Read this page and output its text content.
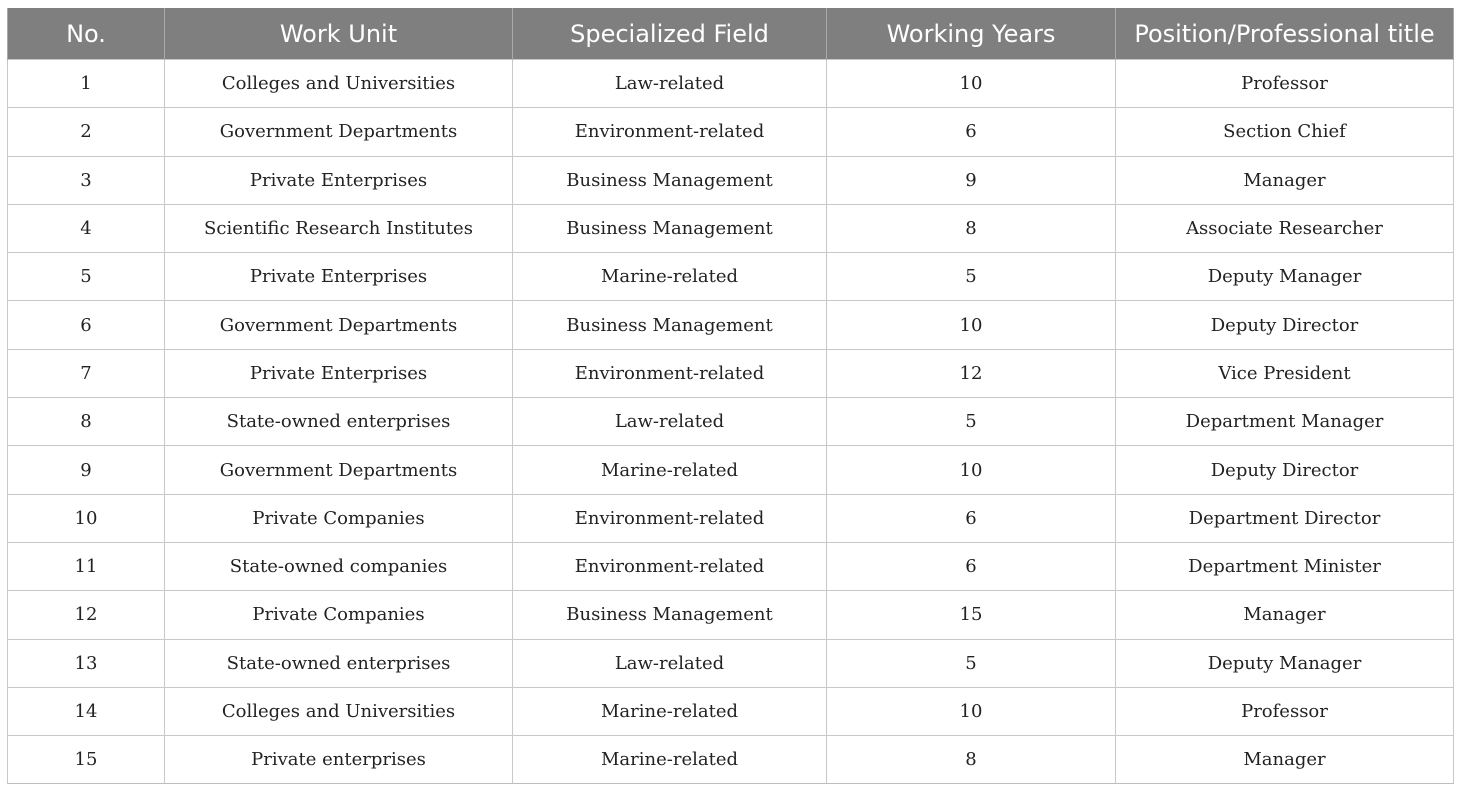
No.	Work Unit	Specialized Field	Working Years	Position/Professional title
1	Colleges and Universities	Law-related	10	Professor
2	Government Departments	Environment-related	6	Section Chief
3	Private Enterprises	Business Management	9	Manager
4	Scientific Research Institutes	Business Management	8	Associate Researcher
5	Private Enterprises	Marine-related	5	Deputy Manager
6	Government Departments	Business Management	10	Deputy Director
7	Private Enterprises	Environment-related	12	Vice President
8	State-owned enterprises	Law-related	5	Department Manager
9	Government Departments	Marine-related	10	Deputy Director
10	Private Companies	Environment-related	6	Department Director
11	State-owned companies	Environment-related	6	Department Minister
12	Private Companies	Business Management	15	Manager
13	State-owned enterprises	Law-related	5	Deputy Manager
14	Colleges and Universities	Marine-related	10	Professor
15	Private enterprises	Marine-related	8	Manager
